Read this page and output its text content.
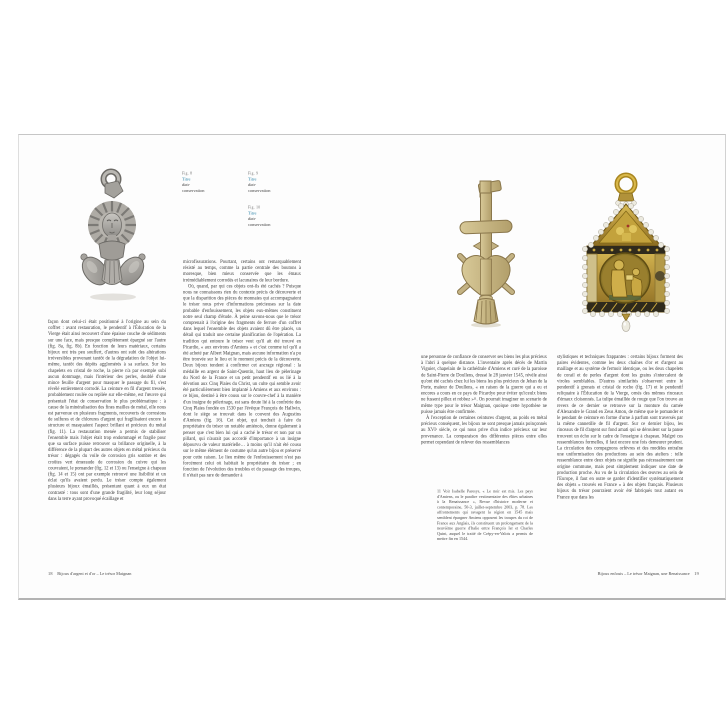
Fig. 8
Titre
date
conservation
Fig. 9
Titre
date
conservation
Fig. 10
Titre
date
conservation

façon dont celui-ci était positionné à l'origine au sein du coffret : avant restauration, le pendentif à l'Éducation de la Vierge était ainsi recouvert d'une épaisse couche de sédiments sur une face, mais presque complètement épargné sur l'autre (fig. 8a, fig. 8b). En fonction de leurs matériaux, certains bijoux ont très peu souffert, d'autres ont subi des altérations irréversibles provenant tantôt de la dégradation de l'objet lui-même, tantôt des dépôts agglomérés à sa surface. Sur les chapelets en cristal de roche, la pierre n'a par exemple subi aucun dommage, mais l'intérieur des perles, doublé d'une mince feuille d'argent pour masquer le passage du fil, s'est révélé entièrement corrodé. La ceinture en fil d'argent tressée, probablement roulée ou repliée sur elle-même, est l'œuvre qui présentait l'état de conservation le plus problématique : à cause de la minéralisation des fines mailles de métal, elle nous est parvenue en plusieurs fragments, recouverts de corrosions de sulfures et de chlorures d'argent qui fragilisaient encore la structure et masquaient l'aspect brillant et précieux du métal (fig. 11). La restauration menée a permis de stabiliser l'ensemble mais l'objet était trop endommagé et fragile pour que sa surface puisse retrouver sa brillance originelle, à la différence de la plupart des autres objets en métal précieux du trésor : dégagés du voile de corrosion gris sombre et des croûtes vert émeraude de corrosion du cuivre qui les couvraient, le pomander (fig. 12 et 13) ou l'enseigne à chapeau (fig. 14 et 15) ont par exemple retrouvé une lisibilité et un éclat qu'ils avaient perdu. Le trésor compte également plusieurs bijoux émaillés, présentant quant à eux un état contrasté : tous sont d'une grande fragilité, leur long séjour dans la terre ayant provoqué écaillage et

microfissurations. Pourtant, certains ont remarquablement résisté au temps, comme la partie centrale des boutons à moresque, bien mieux conservée que les émaux irrémédiablement corrodés et lacunaires de leur bordure.

Où, quand, par qui ces objets ont-ils été cachés ? Puisque nous ne connaissons rien du contexte précis de découverte et que la disparition des pièces de monnaies qui accompagnaient le trésor nous prive d'informations précieuses sur la date probable d'enfouissement, les objets eux-mêmes constituent notre seul champ d'étude. À peine savons-nous que le trésor comprenait à l'origine des fragments de ferrure d'un coffret dans lequel l'ensemble des objets avaient dû être placés, un détail qui traduit une certaine planification de l'opération. La tradition qui entoure le trésor veut qu'il ait été trouvé en Picardie, « aux environs d'Amiens » et c'est comme tel qu'il a été acheté par Albert Maignan, mais aucune information n'a pu être trouvée sur le lieu et le moment précis de la découverte. Deux bijoux tendent à confirmer cet ancrage régional : la médaille en argent de Saint-Quentin, haut lieu de pèlerinage du Nord de la France et un petit pendentif en os lié à la dévotion aux Cinq Plaies du Christ, un culte qui semble avoir été particulièrement bien implanté à Amiens et aux environs : ce bijou, destiné à être cousu sur le couvre-chef à la manière d'un insigne de pèlerinage, est sans doute lié à la confrérie des Cinq Plaies fondée en 1530 par l'évêque François de Hallwin, dont le siège se trouvait dans le couvent des Augustins d'Amiens (fig. 16). Cet objet, qui tendrait à faire du propriétaire du trésor un notable amiénois, donne également à penser que c'est bien lui qui a caché le trésor et non par un pillard, qui n'aurait pas accordé d'importance à un insigne dépourvu de valeur matérielle… à moins qu'il n'ait été cousu sur le même élément de costume qu'un autre bijou et préservé pour cette raison. Le lieu même de l'enfouissement n'est pas forcément celui où habitait le propriétaire du trésor ; en fonction de l'évolution des troubles et du passage des troupes, il n'était pas rare de demander à

18 Bijoux d'argent et d'or – Le trésor Maignan

une personne de confiance de conserver ses biens les plus précieux à l'abri à quelque distance. L'inventaire après décès de Martin Viguier, chapelain de la cathédrale d'Amiens et curé de la paroisse de Saint-Pierre de Doullens, dressé le 28 janvier 1545, révèle ainsi qu'ont été cachés chez lui les biens les plus précieux de Jehan de la Porte, maïeur de Doullens, « en raison de la guerre qui a eu et encores a cours en ce pays de Picardye pour éviter qu'iceulx biens ne fussent pillez et robbez »¹¹. On pourrait imaginer un scenario de même type pour le trésor Maignan, quoique cette hypothèse ne puisse jamais être confirmée.

À l'exception de certaines ceintures d'argent, au poids en métal précieux conséquent, les bijoux ne sont presque jamais poinçonnés au XVIᵉ siècle, ce qui nous prive d'un indice précieux sur leur provenance. La comparaison des différentes pièces entre elles permet cependant de relever des ressemblances

11 Voir Isabelle Paresys, « Le noir est mis. Les pays d'Amiens, ou le paraître vestimentaire des élites urbaines à la Renaissance », Revue d'histoire moderne et contemporaine, 50-3, juillet-septembre 2003, p. 78. Les affrontements qui ravagent la région en 1545 mais semblent épargner Amiens opposent les troupes du roi de France aux Anglais, ils constituent un prolongement de la neuvième guerre d'Italie entre François Ier et Charles Quint, auquel le traité de Crépy-en-Valois a permis de mettre fin en 1544.

stylistiques et techniques frappantes : certains bijoux forment des paires évidentes, comme les deux chaînes d'or et d'argent au maillage et au système de fermoir identique, ou les deux chapelets de corail et de perles d'argent dont les grains s'intercalent de viroles semblables. D'autres similarités s'observent entre le pendentif à grenats et cristal de roche (fig. 17) et le pendentif reliquaire à l'Éducation de la Vierge, ornés des mêmes rinceaux d'émaux cloisonnés. La tulipe émaillée de rouge que l'on trouve au revers de ce dernier se retrouve sur la monture du camée d'Alexandre le Grand en Zeus Amon, de même que le pomander et le pendant de ceinture en forme d'urne à parfum sont traversés par la même cannetille de fil d'argent. Sur ce dernier bijou, les rinceaux de fil d'argent sur fond amati qui se déroulent sur la panse trouvent un écho sur le cadre de l'enseigne à chapeau. Malgré ces ressemblances formelles, il faut encore une fois demeurer prudent. La circulation des compagnons orfèvres et des modèles entraîne une uniformisation des productions au sein des ateliers : telle ressemblance entre deux objets ne signifie pas nécessairement une origine commune, mais peut simplement indiquer une date de production proche. Au vu de la circulation des œuvres au sein de l'Europe, il faut en outre se garder d'identifier systématiquement des objets « trouvés en France » à des objets français. Plusieurs bijoux du trésor pourraient avoir été fabriqués tout autant en France que dans les

Bijoux enfouis – Le trésor Maignan, une Renaissance 19
